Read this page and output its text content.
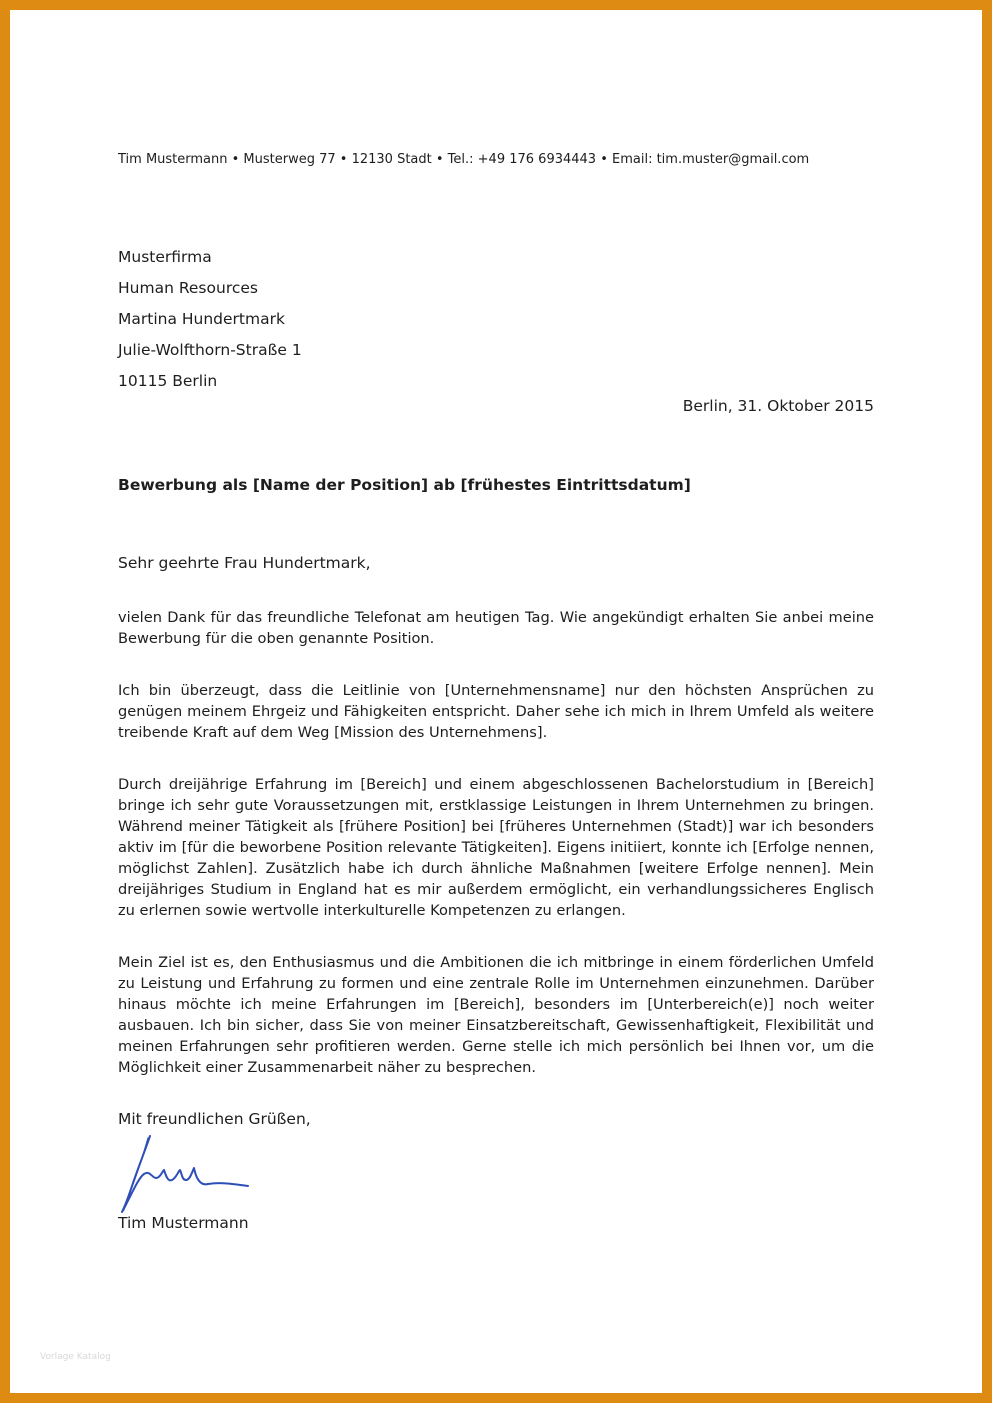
Tim Mustermann • Musterweg 77 • 12130 Stadt • Tel.: +49 176 6934443 • Email: tim.muster@gmail.com
Musterfirma
Human Resources
Martina Hundertmark
Julie-Wolfthorn-Straße 1
10115 Berlin
Berlin, 31. Oktober 2015
Bewerbung als [Name der Position] ab [frühestes Eintrittsdatum]
Sehr geehrte Frau Hundertmark,
vielen Dank für das freundliche Telefonat am heutigen Tag. Wie angekündigt erhalten Sie anbei meine Bewerbung für die oben genannte Position.
Ich bin überzeugt, dass die Leitlinie von [Unternehmensname] nur den höchsten Ansprüchen zu genügen meinem Ehrgeiz und Fähigkeiten entspricht. Daher sehe ich mich in Ihrem Umfeld als weitere treibende Kraft auf dem Weg [Mission des Unternehmens].
Durch dreijährige Erfahrung im [Bereich] und einem abgeschlossenen Bachelorstudium in [Bereich] bringe ich sehr gute Voraussetzungen mit, erstklassige Leistungen in Ihrem Unternehmen zu bringen. Während meiner Tätigkeit als [frühere Position] bei [früheres Unternehmen (Stadt)] war ich besonders aktiv im [für die beworbene Position relevante Tätigkeiten]. Eigens initiiert, konnte ich [Erfolge nennen, möglichst Zahlen]. Zusätzlich habe ich durch ähnliche Maßnahmen [weitere Erfolge nennen]. Mein dreijähriges Studium in England hat es mir außerdem ermöglicht, ein verhandlungssicheres Englisch zu erlernen sowie wertvolle interkulturelle Kompetenzen zu erlangen.
Mein Ziel ist es, den Enthusiasmus und die Ambitionen die ich mitbringe in einem förderlichen Umfeld zu Leistung und Erfahrung zu formen und eine zentrale Rolle im Unternehmen einzunehmen. Darüber hinaus möchte ich meine Erfahrungen im [Bereich], besonders im [Unterbereich(e)] noch weiter ausbauen. Ich bin sicher, dass Sie von meiner Einsatzbereitschaft, Gewissenhaftigkeit, Flexibilität und meinen Erfahrungen sehr profitieren werden. Gerne stelle ich mich persönlich bei Ihnen vor, um die Möglichkeit einer Zusammenarbeit näher zu besprechen.
Mit freundlichen Grüßen,
Tim Mustermann
Vorlage Katalog
